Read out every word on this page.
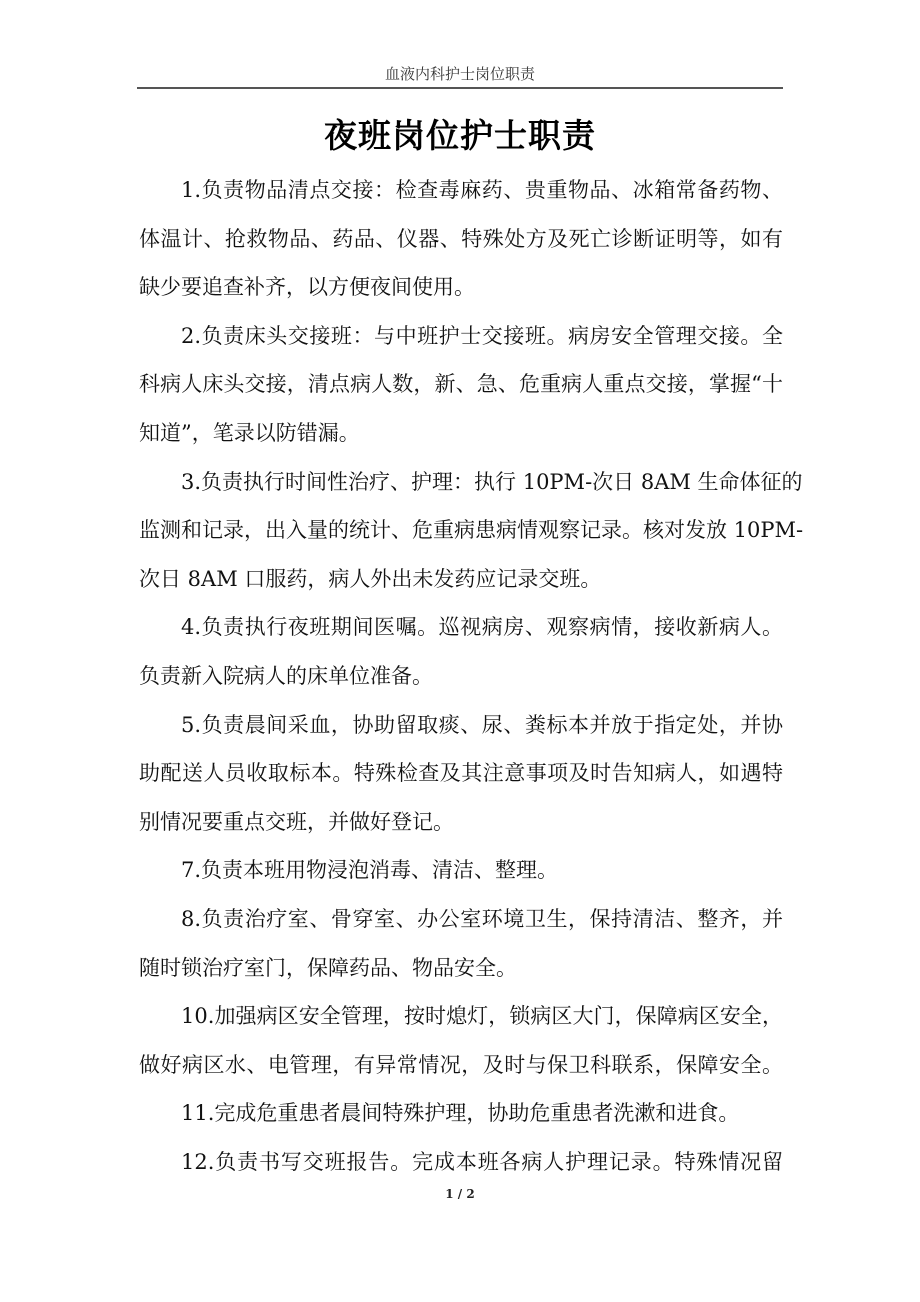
血液内科护士岗位职责
夜班岗位护士职责

1.负责物品清点交接：检查毒麻药、贵重物品、冰箱常备药物、
体温计、抢救物品、药品、仪器、特殊处方及死亡诊断证明等，如有
缺少要追查补齐，以方便夜间使用。

2.负责床头交接班：与中班护士交接班。病房安全管理交接。全
科病人床头交接，清点病人数，新、急、危重病人重点交接，掌握“十
知道”，笔录以防错漏。

3.负责执行时间性治疗、护理：执行 10PM-次日 8AM 生命体征的
监测和记录，出入量的统计、危重病患病情观察记录。核对发放 10PM-
次日 8AM 口服药，病人外出未发药应记录交班。

4.负责执行夜班期间医嘱。巡视病房、观察病情，接收新病人。
负责新入院病人的床单位准备。

5.负责晨间采血，协助留取痰、尿、粪标本并放于指定处，并协
助配送人员收取标本。特殊检查及其注意事项及时告知病人，如遇特
别情况要重点交班，并做好登记。

7.负责本班用物浸泡消毒、清洁、整理。

8.负责治疗室、骨穿室、办公室环境卫生，保持清洁、整齐，并
随时锁治疗室门，保障药品、物品安全。

10.加强病区安全管理，按时熄灯，锁病区大门，保障病区安全，
做好病区水、电管理，有异常情况，及时与保卫科联系，保障安全。

11.完成危重患者晨间特殊护理，协助危重患者洗漱和进食。

12.负责书写交班报告。完成本班各病人护理记录。特殊情况留

1 / 2
